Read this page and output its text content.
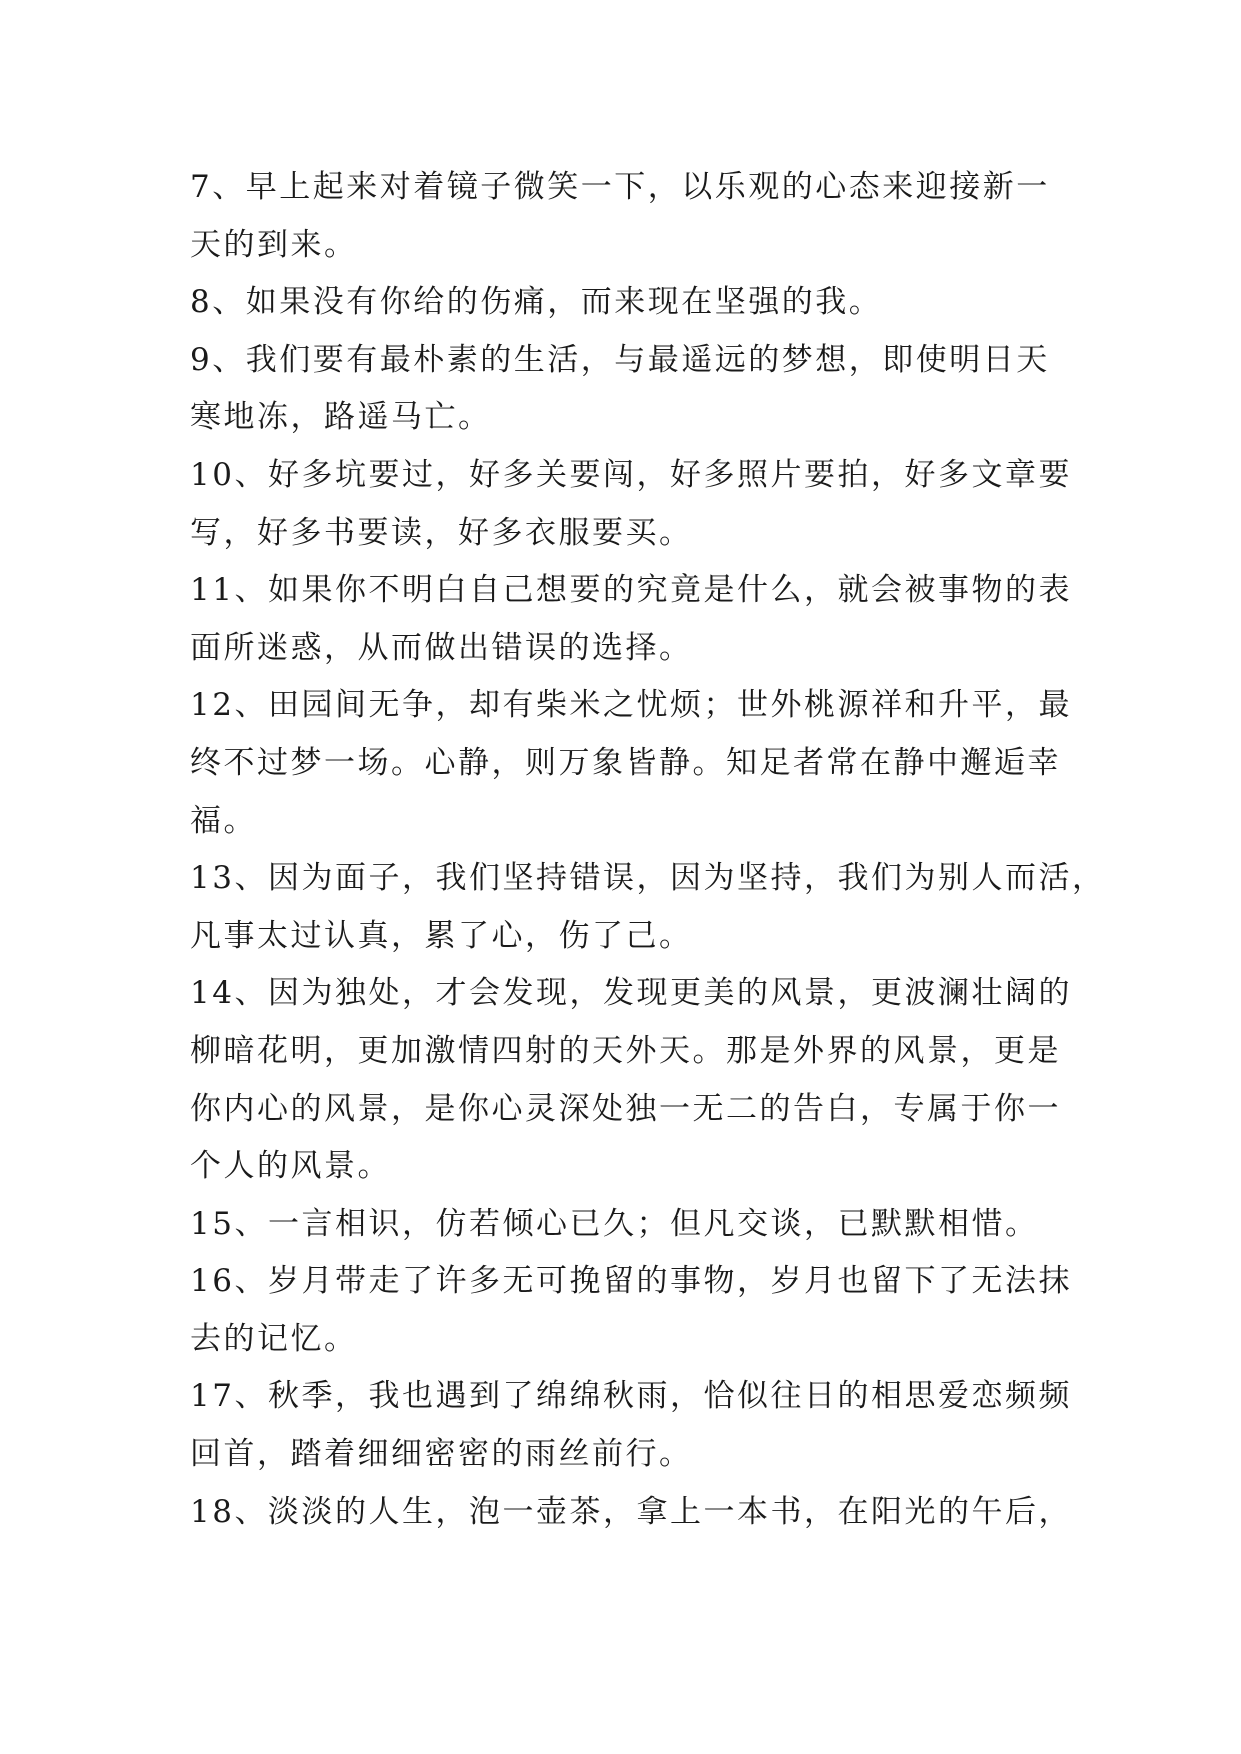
7、早上起来对着镜子微笑一下，以乐观的心态来迎接新一
天的到来。
8、如果没有你给的伤痛，而来现在坚强的我。
9、我们要有最朴素的生活，与最遥远的梦想，即使明日天
寒地冻，路遥马亡。
10、好多坑要过，好多关要闯，好多照片要拍，好多文章要
写，好多书要读，好多衣服要买。
11、如果你不明白自己想要的究竟是什么，就会被事物的表
面所迷惑，从而做出错误的选择。
12、田园间无争，却有柴米之忧烦；世外桃源祥和升平，最
终不过梦一场。心静，则万象皆静。知足者常在静中邂逅幸
福。
13、因为面子，我们坚持错误，因为坚持，我们为别人而活，
凡事太过认真，累了心，伤了己。
14、因为独处，才会发现，发现更美的风景，更波澜壮阔的
柳暗花明，更加激情四射的天外天。那是外界的风景，更是
你内心的风景，是你心灵深处独一无二的告白，专属于你一
个人的风景。
15、一言相识，仿若倾心已久；但凡交谈，已默默相惜。
16、岁月带走了许多无可挽留的事物，岁月也留下了无法抹
去的记忆。
17、秋季，我也遇到了绵绵秋雨，恰似往日的相思爱恋频频
回首，踏着细细密密的雨丝前行。
18、淡淡的人生，泡一壶茶，拿上一本书，在阳光的午后，
